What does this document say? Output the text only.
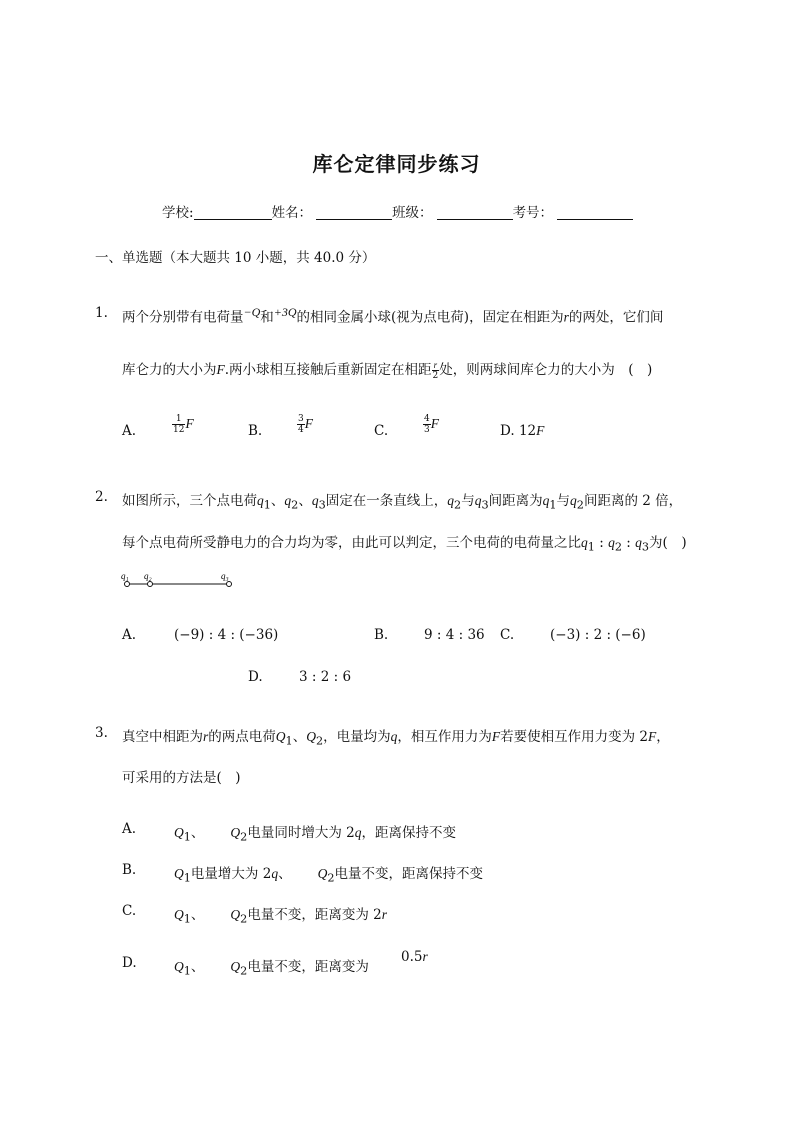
库仑定律同步练习
学校:	姓名：	班级：	考号：
一、单选题（本大题共 10 小题，共 40.0 分）
1. 两个分别带有电荷量$^{-Q}$和$^{+3Q}$的相同金属小球(视为点电荷)，固定在相距为r的两处，它们间
库仑力的大小为F.两小球相互接触后重新固定在相距 $\frac{r}{2}$ 处，则两球间库仑力的大小为　(　)
A.	$\frac{1}{12}$ F	B.	$\frac{3}{4}$ F	C.	$\frac{4}{3}$ F	D. 12F
2. 如图所示，三个点电荷$q_1$、$q_2$、$q_3$固定在一条直线上，$q_2$与$q_3$间距离为$q_1$与$q_2$间距离的 2 倍，
每个点电荷所受静电力的合力均为零，由此可以判定，三个电荷的电荷量之比$q_1$ : $q_2$ : $q_3$为(　)
q₁ q₂	q₃
A.	(−9) : 4 : (−36)	B.	9 : 4 : 36 C.	(−3) : 2 : (−6)
D.	3 : 2 : 6
3. 真空中相距为r的两点电荷$Q_1$、$Q_2$，电量均为q，相互作用力为F若要使相互作用力变为 2F，
可采用的方法是(　)
A.	$Q_1$、 $Q_2$电量同时增大为 2q，距离保持不变
B.	$Q_1$电量增大为 2q、 $Q_2$电量不变，距离保持不变
C.	$Q_1$、 $Q_2$电量不变，距离变为 2r
D.	$Q_1$、 $Q_2$电量不变，距离变为
0.5r
